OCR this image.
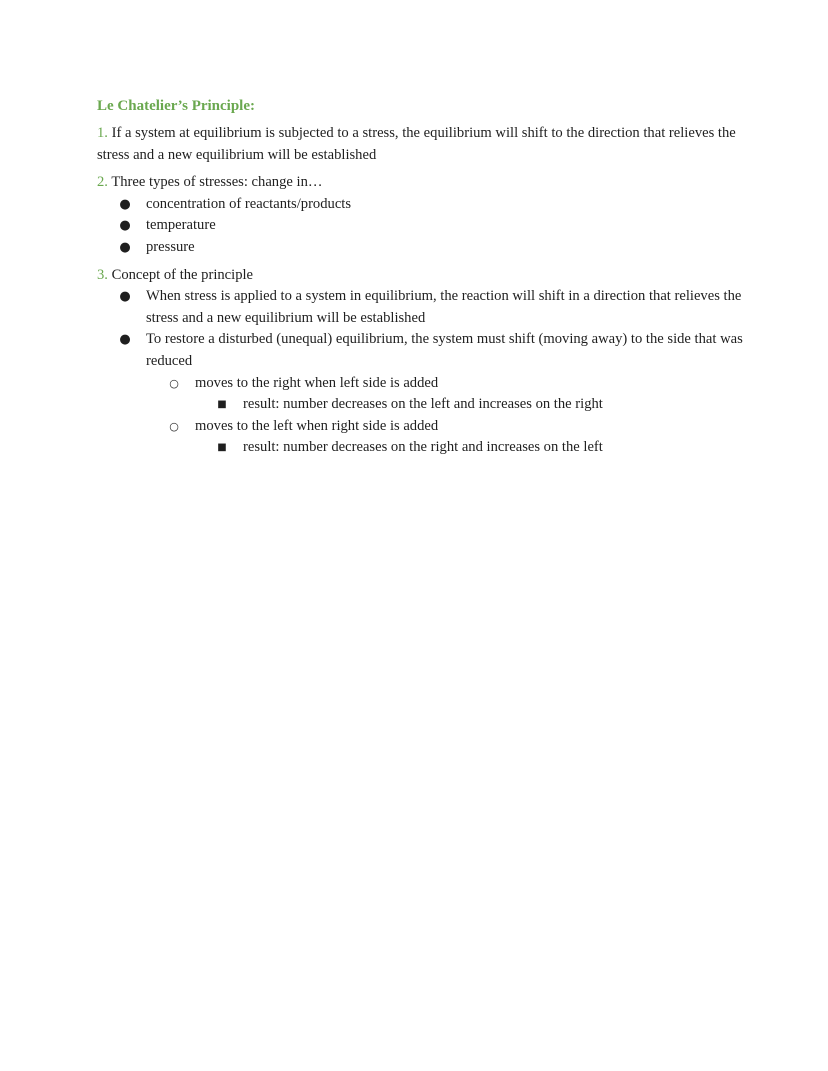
Le Chatelier’s Principle:
1. If a system at equilibrium is subjected to a stress, the equilibrium will shift to the direction that relieves the stress and a new equilibrium will be established
2. Three types of stresses: change in…
● concentration of reactants/products
● temperature
● pressure
3. Concept of the principle
● When stress is applied to a system in equilibrium, the reaction will shift in a direction that relieves the stress and a new equilibrium will be established
● To restore a disturbed (unequal) equilibrium, the system must shift (moving away) to the side that was reduced
○ moves to the right when left side is added
■ result: number decreases on the left and increases on the right
○ moves to the left when right side is added
■ result: number decreases on the right and increases on the left
